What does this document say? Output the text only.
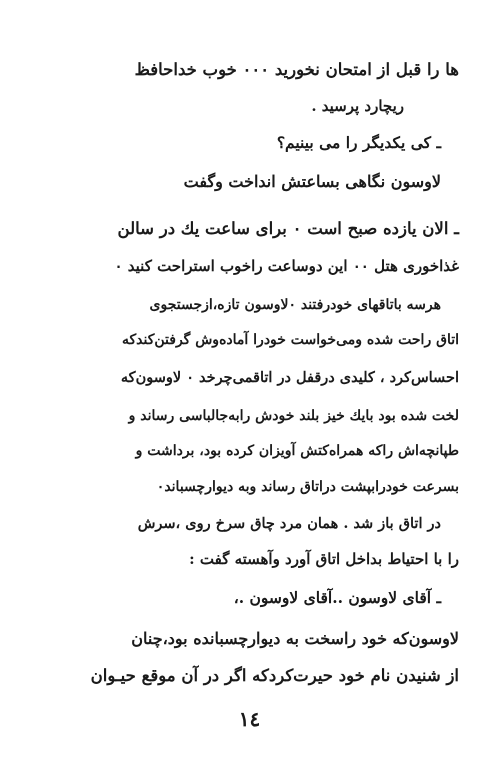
ها را قبل از امتحان نخورید ٠٠٠ خوب خداحافظ
ریچارد پرسید .
ـ کی یکدیگر را می بینیم؟
لاوسون نگاهی بساعتش انداخت وگفت
ـ الان یازده صبح است ٠ برای ساعت یك در سالن
غذاخوری هتل ٠٠ این دوساعت راخوب استراحت کنید ٠
هرسه باتاقهای خودرفتند ٠لاوسون تازه،ازجستجوی
اتاق راحت شده ومی‌خواست خودرا آماده‌وش گرفتن‌کندکه
احساس‌کرد ، کلیدی درقفل در اتاقمی‌چرخد ٠ لاوسون‌که
لخت شده بود بایك خیز بلند خودش رابه‌جالباسی رساند و
طپانچه‌اش راکه همراه‌کتش آویزان کرده بود، برداشت و
بسرعت خودرابپشت دراتاق رساند وبه دیوارچسباند٠
در اتاق باز شد . همان مرد چاق سرخ روی ،سرش
را با احتیاط بداخل اتاق آورد وآهسته گفت :
ـ آقای لاوسون ..آقای لاوسون .،
لاوسون‌که خود راسخت به دیوارچسبانده بود،چنان
از شنیدن نام خود حیرت‌کردکه اگر در آن موقع حیـوان
١٤
